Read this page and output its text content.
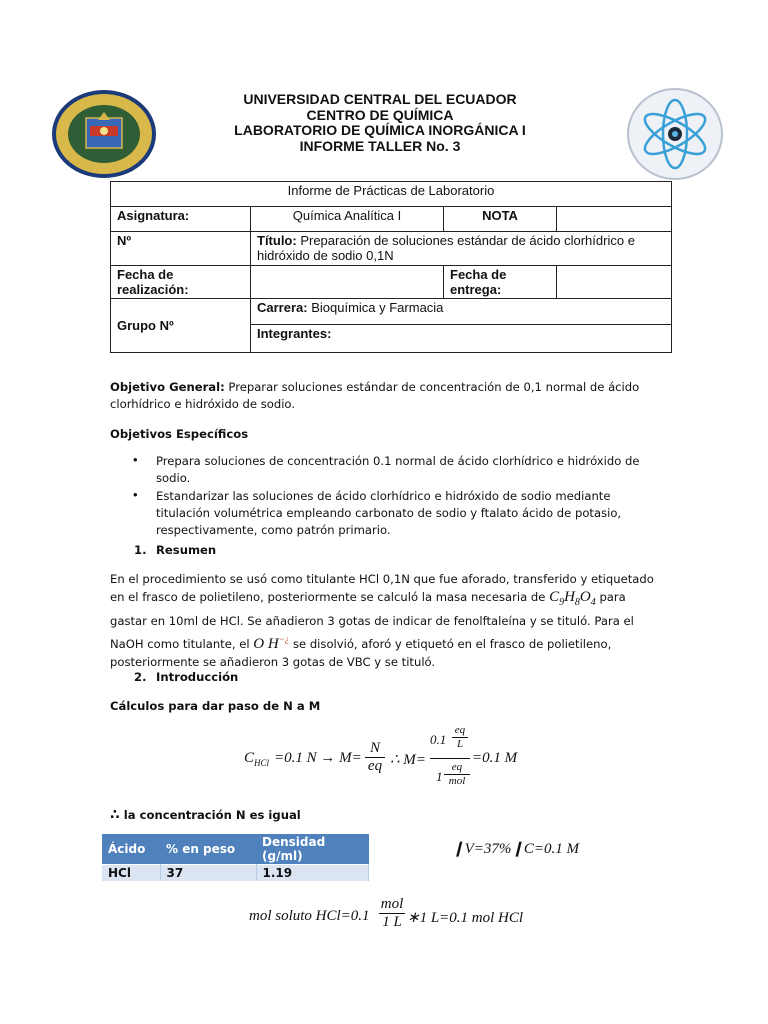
UNIVERSIDAD CENTRAL DEL ECUADOR
CENTRO DE QUÍMICA
LABORATORIO DE QUÍMICA INORGÁNICA I
INFORME TALLER No. 3
Informe de Prácticas de Laboratorio			
Asignatura:	Química Analítica I	NOTA	
Nº	Título: Preparación de soluciones estándar de ácido clorhídrico e hidróxido de sodio 0,1N		
Fecha de realización:		Fecha de entrega:	
Grupo Nº	Carrera: Bioquímica y Farmacia		
	Integrantes:		
Objetivo General: Preparar soluciones estándar de concentración de 0,1 normal de ácido
clorhídrico e hidróxido de sodio.
Objetivos Específicos
• Prepara soluciones de concentración 0.1 normal de ácido clorhídrico e hidróxido de
sodio.
• Estandarizar las soluciones de ácido clorhídrico e hidróxido de sodio mediante
titulación volumétrica empleando carbonato de sodio y ftalato ácido de potasio,
respectivamente, como patrón primario.
1. Resumen
En el procedimiento se usó como titulante HCl 0,1N que fue aforado, transferido y etiquetado
en el frasco de polietileno, posteriormente se calculó la masa necesaria de $C_9H_8O_4$ para
gastar en 10ml de HCl. Se añadieron 3 gotas de indicar de fenolftaleína y se tituló. Para el
NaOH como titulante, el O H−¿ se disolvió, aforó y etiquetó en el frasco de polietileno,
posteriormente se añadieron 3 gotas de VBC y se tituló.
2. Introducción
Cálculos para dar paso de N a M
$C_{HCl} =0.1$ N → M=
N
eq ∴ M=
0.1
eq
L
1
eq
mol
=0.1 M
∴ la concentración N es igual
Ácido	% en peso	Densidad (g/ml)
HCl	37	1.19
❙V=37%❙C=0.1 M
mol soluto HCl=0.1
mol
1 L ∗1 L=0.1 mol HCl
